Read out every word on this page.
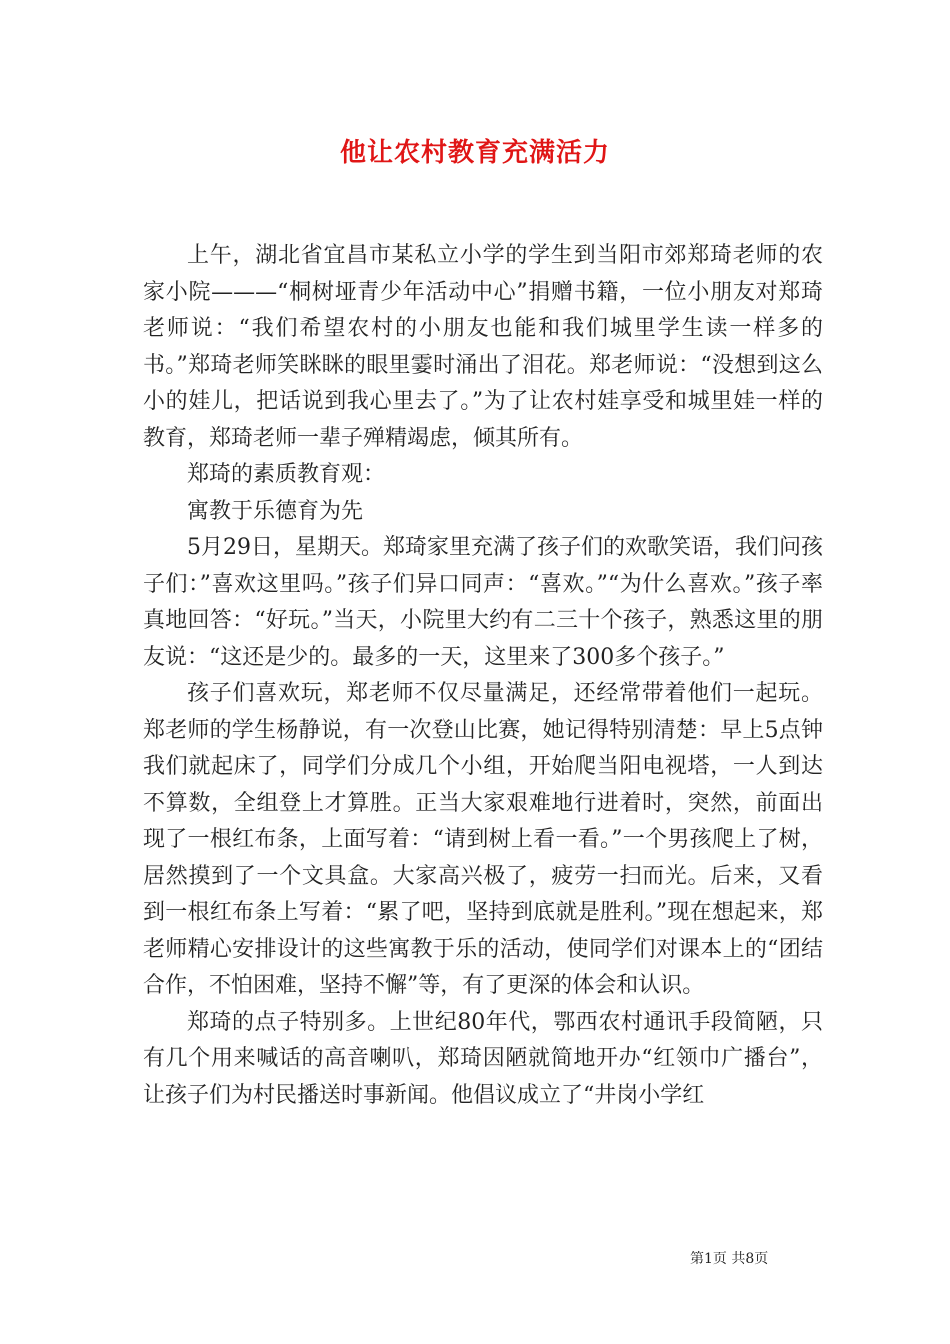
他让农村教育充满活力

上午，湖北省宜昌市某私立小学的学生到当阳市郊郑琦老师的农家小院———“桐树垭青少年活动中心”捐赠书籍，一位小朋友对郑琦老师说：“我们希望农村的小朋友也能和我们城里学生读一样多的书。”郑琦老师笑眯眯的眼里霎时涌出了泪花。郑老师说：“没想到这么小的娃儿，把话说到我心里去了。”为了让农村娃享受和城里娃一样的教育，郑琦老师一辈子殚精竭虑，倾其所有。

郑琦的素质教育观：

寓教于乐德育为先

5月29日，星期天。郑琦家里充满了孩子们的欢歌笑语，我们问孩子们：”喜欢这里吗。”孩子们异口同声：“喜欢。”“为什么喜欢。”孩子率真地回答：“好玩。”当天，小院里大约有二三十个孩子，熟悉这里的朋友说：“这还是少的。最多的一天，这里来了300多个孩子。”

孩子们喜欢玩，郑老师不仅尽量满足，还经常带着他们一起玩。郑老师的学生杨静说，有一次登山比赛，她记得特别清楚：早上5点钟我们就起床了，同学们分成几个小组，开始爬当阳电视塔，一人到达不算数，全组登上才算胜。正当大家艰难地行进着时，突然，前面出现了一根红布条，上面写着：“请到树上看一看。”一个男孩爬上了树，居然摸到了一个文具盒。大家高兴极了，疲劳一扫而光。后来，又看到一根红布条上写着：“累了吧，坚持到底就是胜利。”现在想起来，郑老师精心安排设计的这些寓教于乐的活动，使同学们对课本上的“团结合作，不怕困难，坚持不懈”等，有了更深的体会和认识。

郑琦的点子特别多。上世纪80年代，鄂西农村通讯手段简陋，只有几个用来喊话的高音喇叭，郑琦因陋就简地开办“红领巾广播台”，让孩子们为村民播送时事新闻。他倡议成立了“井岗小学红

第1页 共8页
